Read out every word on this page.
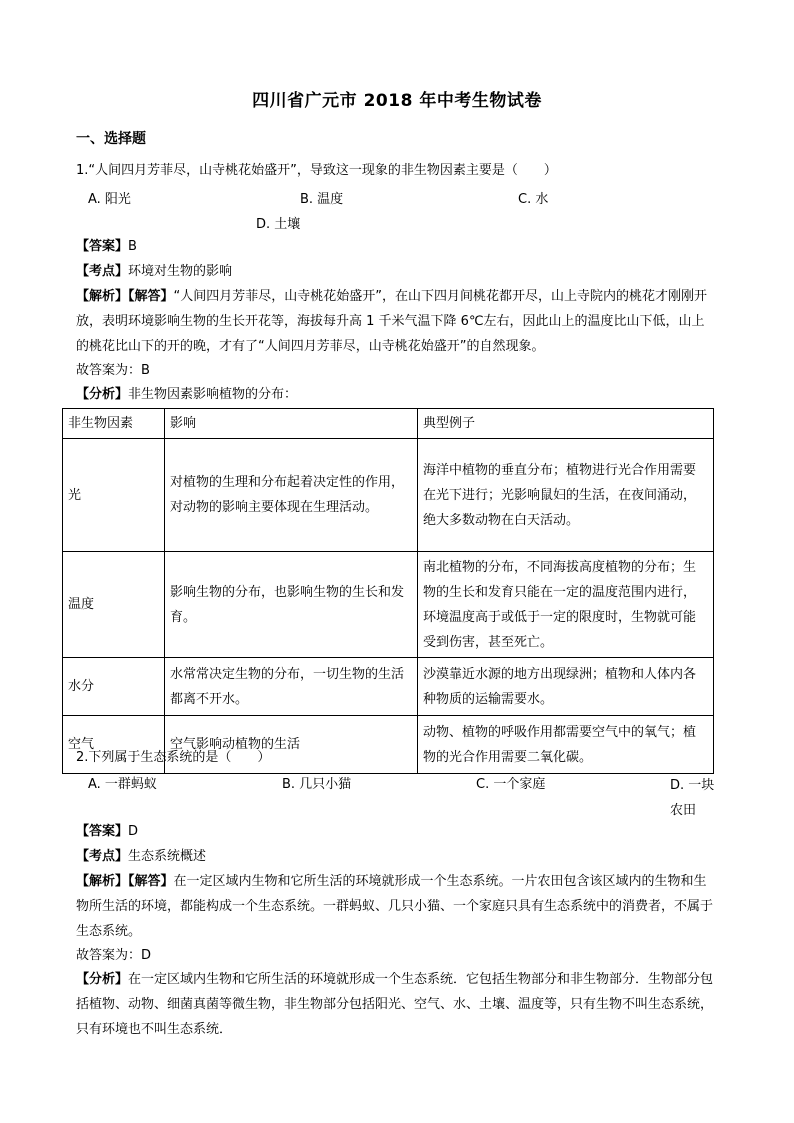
四川省广元市 2018 年中考生物试卷
一、选择题
1.“人间四月芳菲尽，山寺桃花始盛开”，导致这一现象的非生物因素主要是（　　）
A. 阳光	B. 温度	C. 水
D. 土壤
【答案】B
【考点】环境对生物的影响
【解析】【解答】“人间四月芳菲尽，山寺桃花始盛开”，在山下四月间桃花都开尽，山上寺院内的桃花才刚刚开放，表明环境影响生物的生长开花等，海拔每升高 1 千米气温下降 6℃左右，因此山上的温度比山下低，山上的桃花比山下的开的晚，才有了“人间四月芳菲尽，山寺桃花始盛开”的自然现象。
故答案为：B
【分析】非生物因素影响植物的分布：
非生物因素	影响	典型例子
光	对植物的生理和分布起着决定性的作用，对动物的影响主要体现在生理活动。	海洋中植物的垂直分布；植物进行光合作用需要在光下进行；光影响鼠妇的生活，在夜间涌动，绝大多数动物在白天活动。
温度	影响生物的分布，也影响生物的生长和发育。	南北植物的分布，不同海拔高度植物的分布；生物的生长和发育只能在一定的温度范围内进行，环境温度高于或低于一定的限度时，生物就可能受到伤害，甚至死亡。
水分	水常常决定生物的分布，一切生物的生活都离不开水。	沙漠靠近水源的地方出现绿洲；植物和人体内各种物质的运输需要水。
空气	空气影响动植物的生活	动物、植物的呼吸作用都需要空气中的氧气；植物的光合作用需要二氧化碳。
2.下列属于生态系统的是（　　）
A. 一群蚂蚁	B. 几只小猫	C. 一个家庭	D. 一块农田
【答案】D
【考点】生态系统概述
【解析】【解答】在一定区域内生物和它所生活的环境就形成一个生态系统。一片农田包含该区域内的生物和生物所生活的环境，都能构成一个生态系统。一群蚂蚁、几只小猫、一个家庭只具有生态系统中的消费者，不属于生态系统。
故答案为：D
【分析】在一定区域内生物和它所生活的环境就形成一个生态系统．它包括生物部分和非生物部分．生物部分包括植物、动物、细菌真菌等微生物，非生物部分包括阳光、空气、水、土壤、温度等，只有生物不叫生态系统，只有环境也不叫生态系统．
